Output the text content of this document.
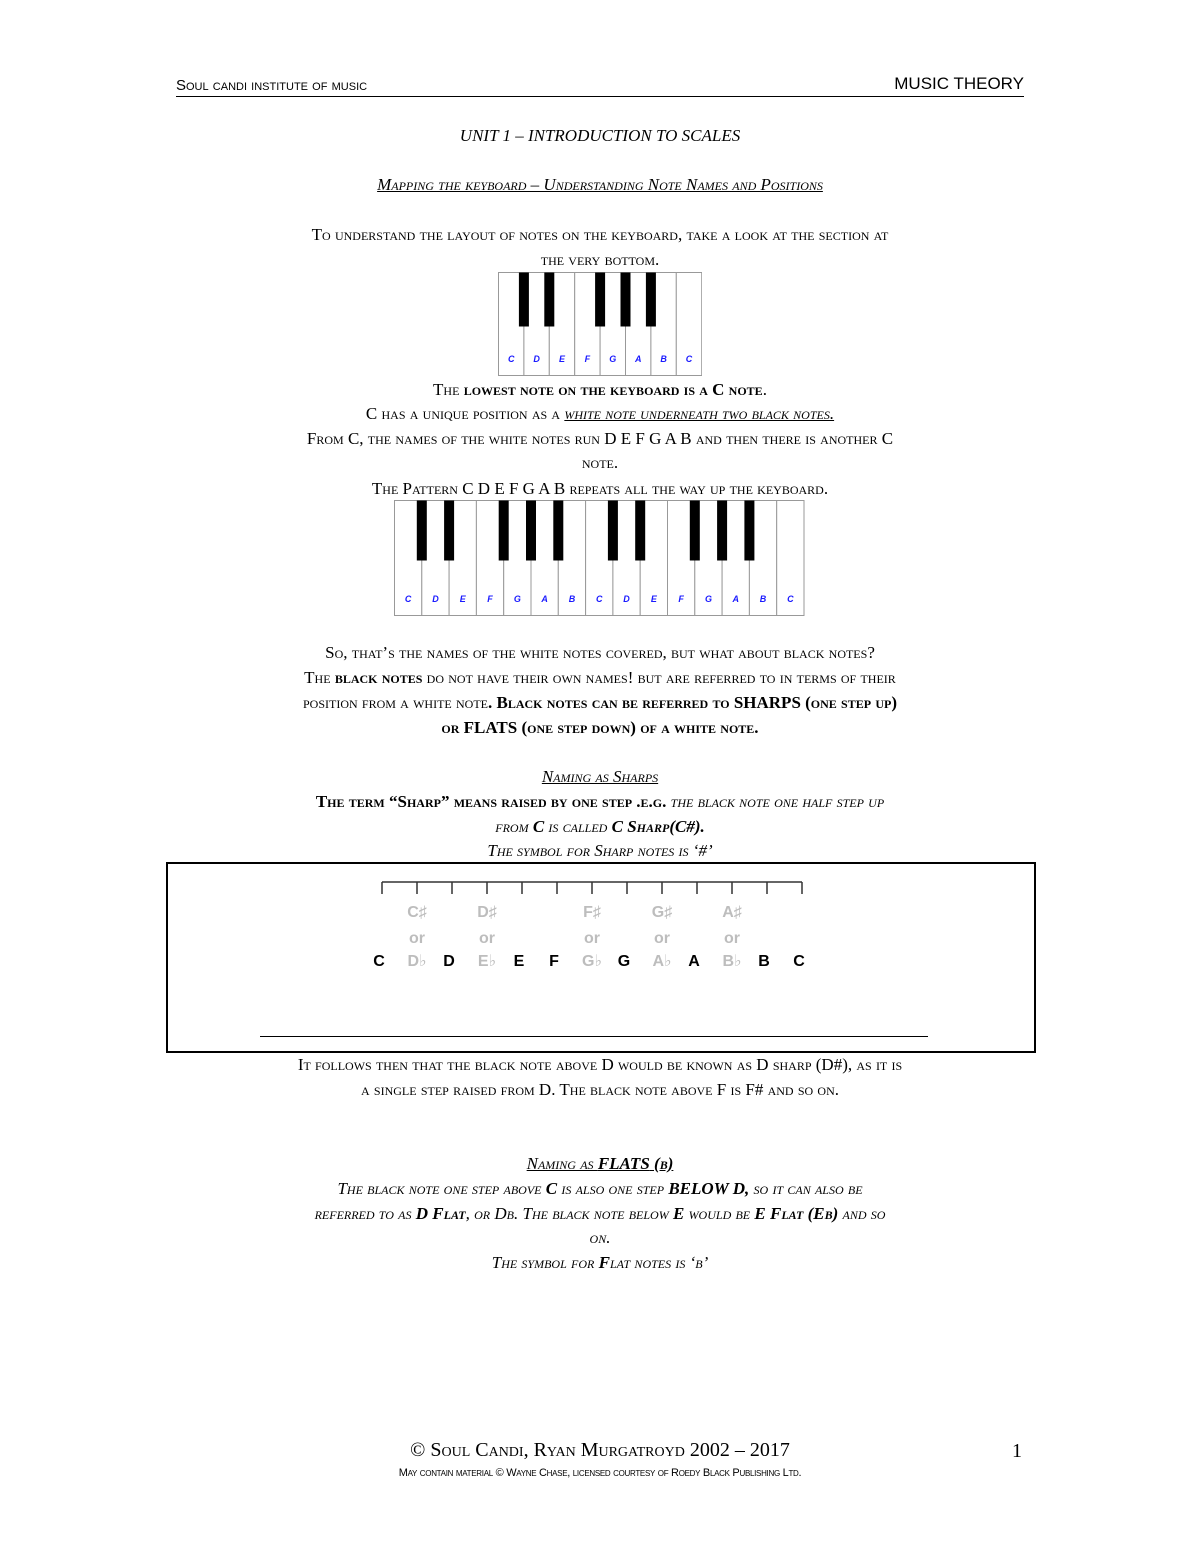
Soul candi institute of music	MUSIC THEORY
UNIT 1 – INTRODUCTION TO SCALES
Mapping the keyboard – Understanding Note Names and Positions
To understand the layout of notes on the keyboard, take a look at the section at
the very bottom.
C D E F G A B C
The lowest note on the keyboard is a C note.
C has a unique position as a white note underneath two black notes.
From C, the names of the white notes run D E F G A B and then there is another C
note.
The Pattern C D E F G A B repeats all the way up the keyboard.
C D E F G A B C D E F G A B C
So, that’s the names of the white notes covered, but what about black notes?
The black notes do not have their own names! but are referred to in terms of their
position from a white note. Black notes can be referred to SHARPS (one step up)
or FLATS (one step down) of a white note.
Naming as Sharps
The term “Sharp” means raised by one step .e.g. the black note one half step up
from C is called C Sharp(C#).
The symbol for Sharp notes is ‘#’
C	D	E F	G	A	B C
C♯
or
D♭
D♯
or
E♭
F♯
or
G♭
G♯
or
A♭
A♯
or
B♭
It follows then that the black note above D would be known as D sharp (D#), as it is
a single step raised from D. The black note above F is F# and so on.
Naming as FLATS (b)
The black note one step above C is also one step BELOW D, so it can also be
referred to as D Flat, or Db. The black note below E would be E Flat (Eb) and so
on.
The symbol for Flat notes is ‘b’
© Soul Candi, Ryan Murgatroyd 2002 – 2017	1
May contain material © Wayne Chase, licensed courtesy of Roedy Black Publishing Ltd.
